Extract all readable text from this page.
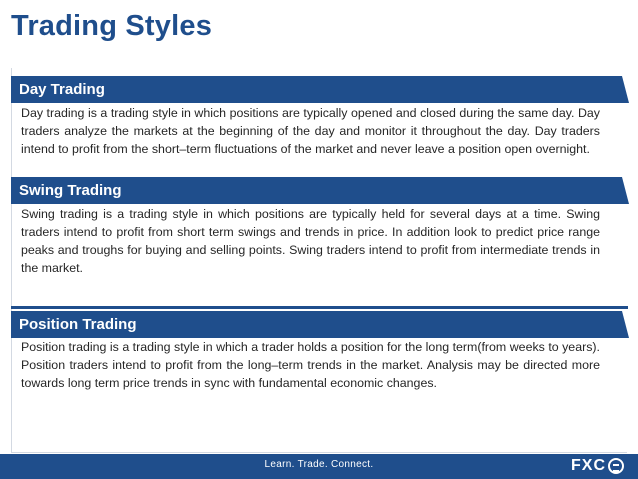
Trading Styles
Day Trading
Day trading is a trading style in which positions are typically opened and closed during the same day. Day traders analyze the markets at the beginning of the day and monitor it throughout the day. Day traders intend to profit from the short–term fluctuations of the market and never leave a position open overnight.
Swing Trading
Swing trading is a trading style in which positions are typically held for several days at a time. Swing traders intend to profit from short term swings and trends in price. In addition look to predict price range peaks and troughs for buying and selling points. Swing traders intend to profit from intermediate trends in the market.
Position Trading
Position trading is a trading style in which a trader holds a position for the long term(from weeks to years). Position traders intend to profit from the long–term trends in the market. Analysis may be directed more towards long term price trends in sync with fundamental economic changes.
Learn. Trade. Connect.	FXC
